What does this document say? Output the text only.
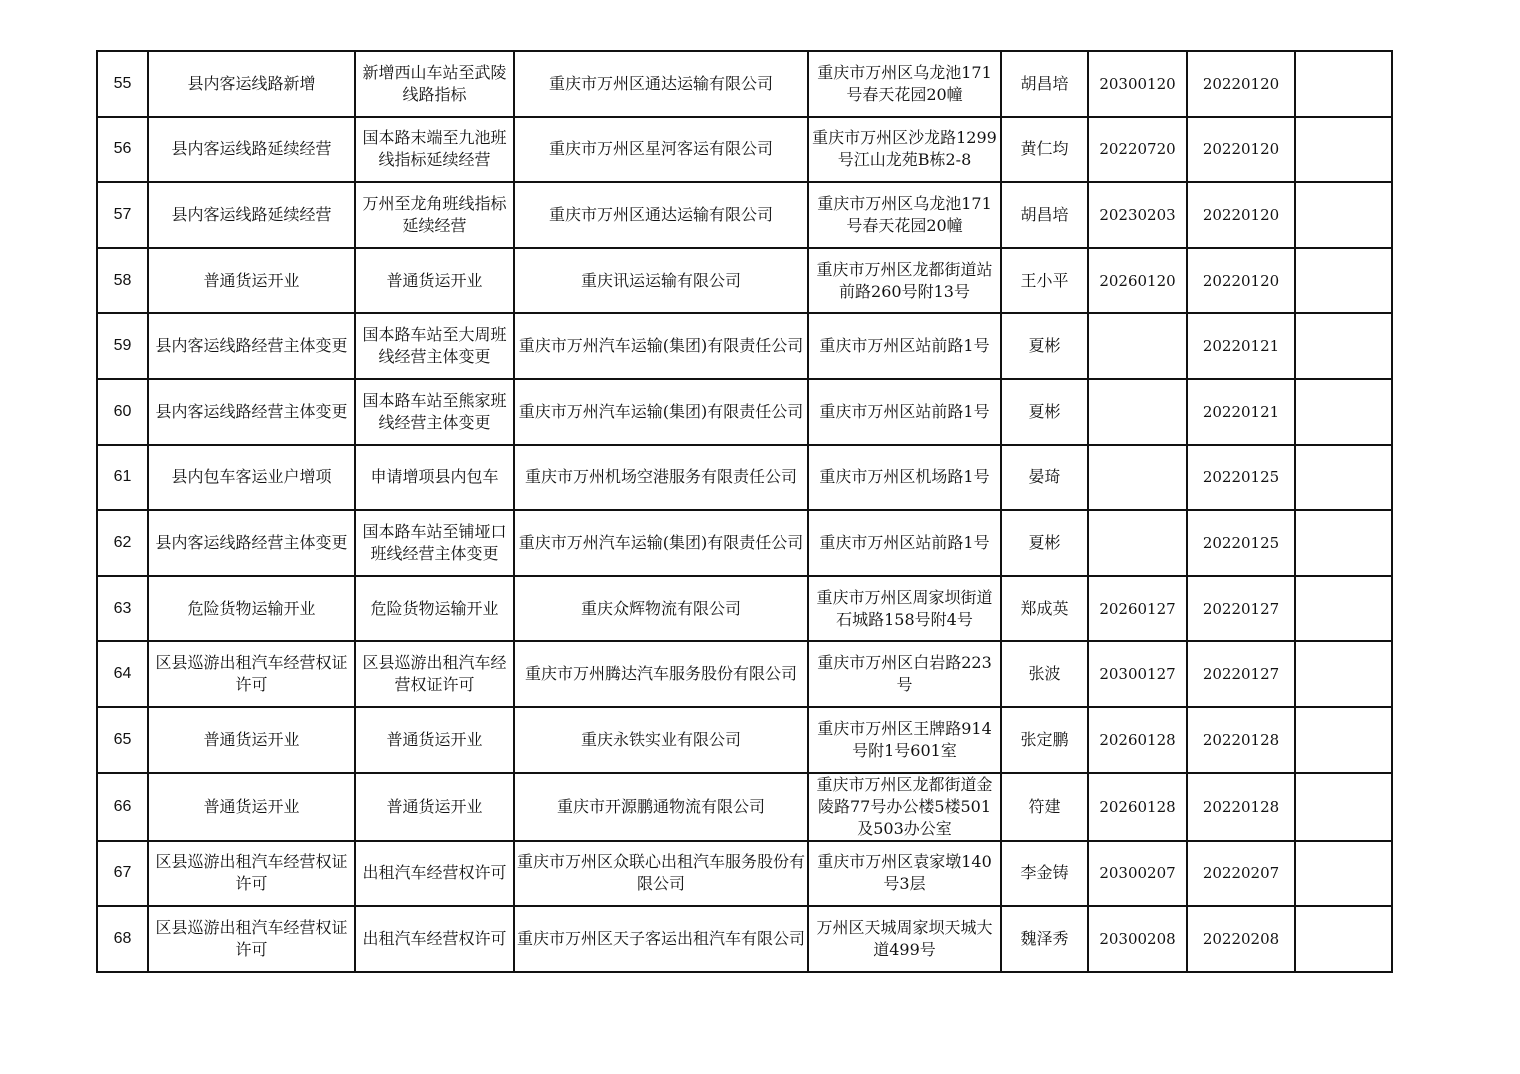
55	县内客运线路新增	新增西山车站至武陵线路指标	重庆市万州区通达运输有限公司	重庆市万州区乌龙池171号春天花园20幢	胡昌培	20300120	20220120	
56	县内客运线路延续经营	国本路末端至九池班线指标延续经营	重庆市万州区星河客运有限公司	重庆市万州区沙龙路1299号江山龙苑B栋2-8	黄仁均	20220720	20220120	
57	县内客运线路延续经营	万州至龙角班线指标延续经营	重庆市万州区通达运输有限公司	重庆市万州区乌龙池171号春天花园20幢	胡昌培	20230203	20220120	
58	普通货运开业	普通货运开业	重庆讯运运输有限公司	重庆市万州区龙都街道站前路260号附13号	王小平	20260120	20220120	
59	县内客运线路经营主体变更	国本路车站至大周班线经营主体变更	重庆市万州汽车运输(集团)有限责任公司	重庆市万州区站前路1号	夏彬		20220121	
60	县内客运线路经营主体变更	国本路车站至熊家班线经营主体变更	重庆市万州汽车运输(集团)有限责任公司	重庆市万州区站前路1号	夏彬		20220121	
61	县内包车客运业户增项	申请增项县内包车	重庆市万州机场空港服务有限责任公司	重庆市万州区机场路1号	晏琦		20220125	
62	县内客运线路经营主体变更	国本路车站至铺垭口班线经营主体变更	重庆市万州汽车运输(集团)有限责任公司	重庆市万州区站前路1号	夏彬		20220125	
63	危险货物运输开业	危险货物运输开业	重庆众辉物流有限公司	重庆市万州区周家坝街道石城路158号附4号	郑成英	20260127	20220127	
64	区县巡游出租汽车经营权证许可	区县巡游出租汽车经营权证许可	重庆市万州腾达汽车服务股份有限公司	重庆市万州区白岩路223号	张波	20300127	20220127	
65	普通货运开业	普通货运开业	重庆永铁实业有限公司	重庆市万州区王牌路914号附1号601室	张定鹏	20260128	20220128	
66	普通货运开业	普通货运开业	重庆市开源鹏通物流有限公司	重庆市万州区龙都街道金陵路77号办公楼5楼501及503办公室	符建	20260128	20220128	
67	区县巡游出租汽车经营权证许可	出租汽车经营权许可	重庆市万州区众联心出租汽车服务股份有限公司	重庆市万州区袁家墩140号3层	李金铸	20300207	20220207	
68	区县巡游出租汽车经营权证许可	出租汽车经营权许可	重庆市万州区天子客运出租汽车有限公司	万州区天城周家坝天城大道499号	魏泽秀	20300208	20220208	
